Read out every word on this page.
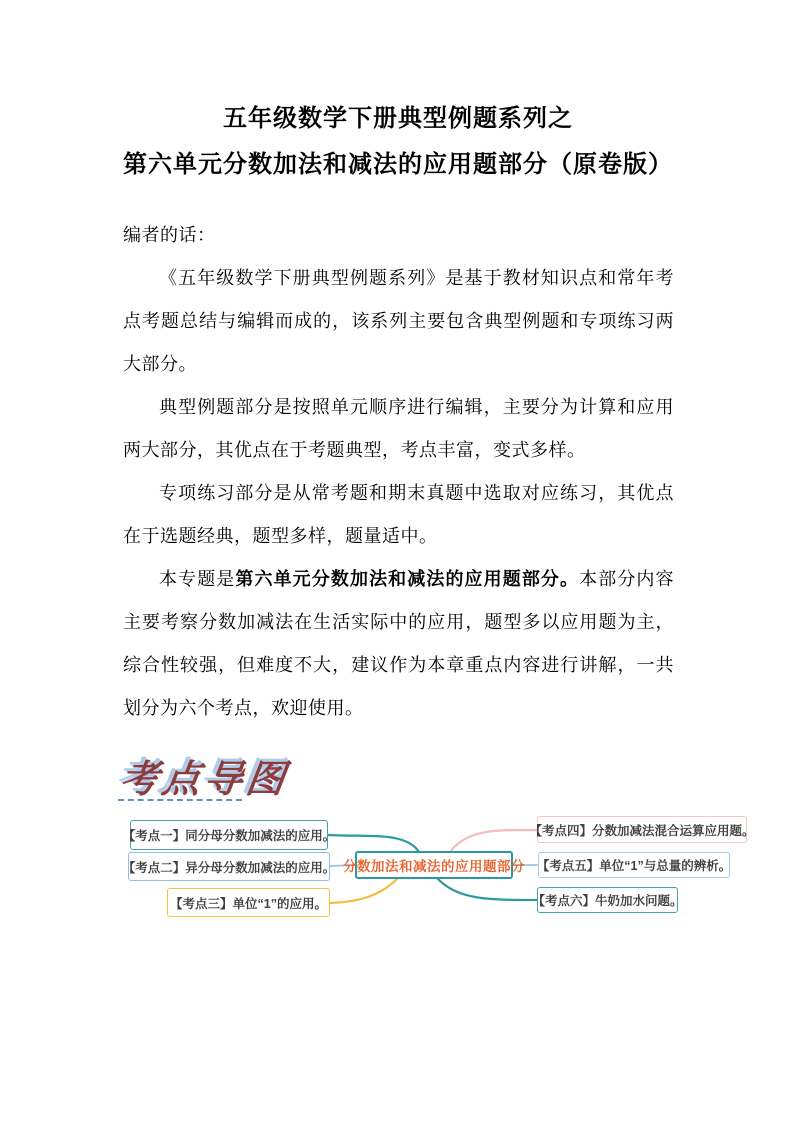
五年级数学下册典型例题系列之
第六单元分数加法和减法的应用题部分（原卷版）

编者的话：

《五年级数学下册典型例题系列》是基于教材知识点和常年考点考题总结与编辑而成的，该系列主要包含典型例题和专项练习两大部分。

典型例题部分是按照单元顺序进行编辑，主要分为计算和应用两大部分，其优点在于考题典型，考点丰富，变式多样。

专项练习部分是从常考题和期末真题中选取对应练习，其优点在于选题经典，题型多样，题量适中。

本专题是第六单元分数加法和减法的应用题部分。本部分内容主要考察分数加减法在生活实际中的应用，题型多以应用题为主，综合性较强，但难度不大，建议作为本章重点内容进行讲解，一共划分为六个考点，欢迎使用。

考点导图
【考点一】同分母分数加减法的应用。
【考点二】异分母分数加减法的应用。
【考点三】单位“1”的应用。
分数加法和减法的应用题部分
【考点四】分数加减法混合运算应用题。
【考点五】单位“1”与总量的辨析。
【考点六】牛奶加水问题。
